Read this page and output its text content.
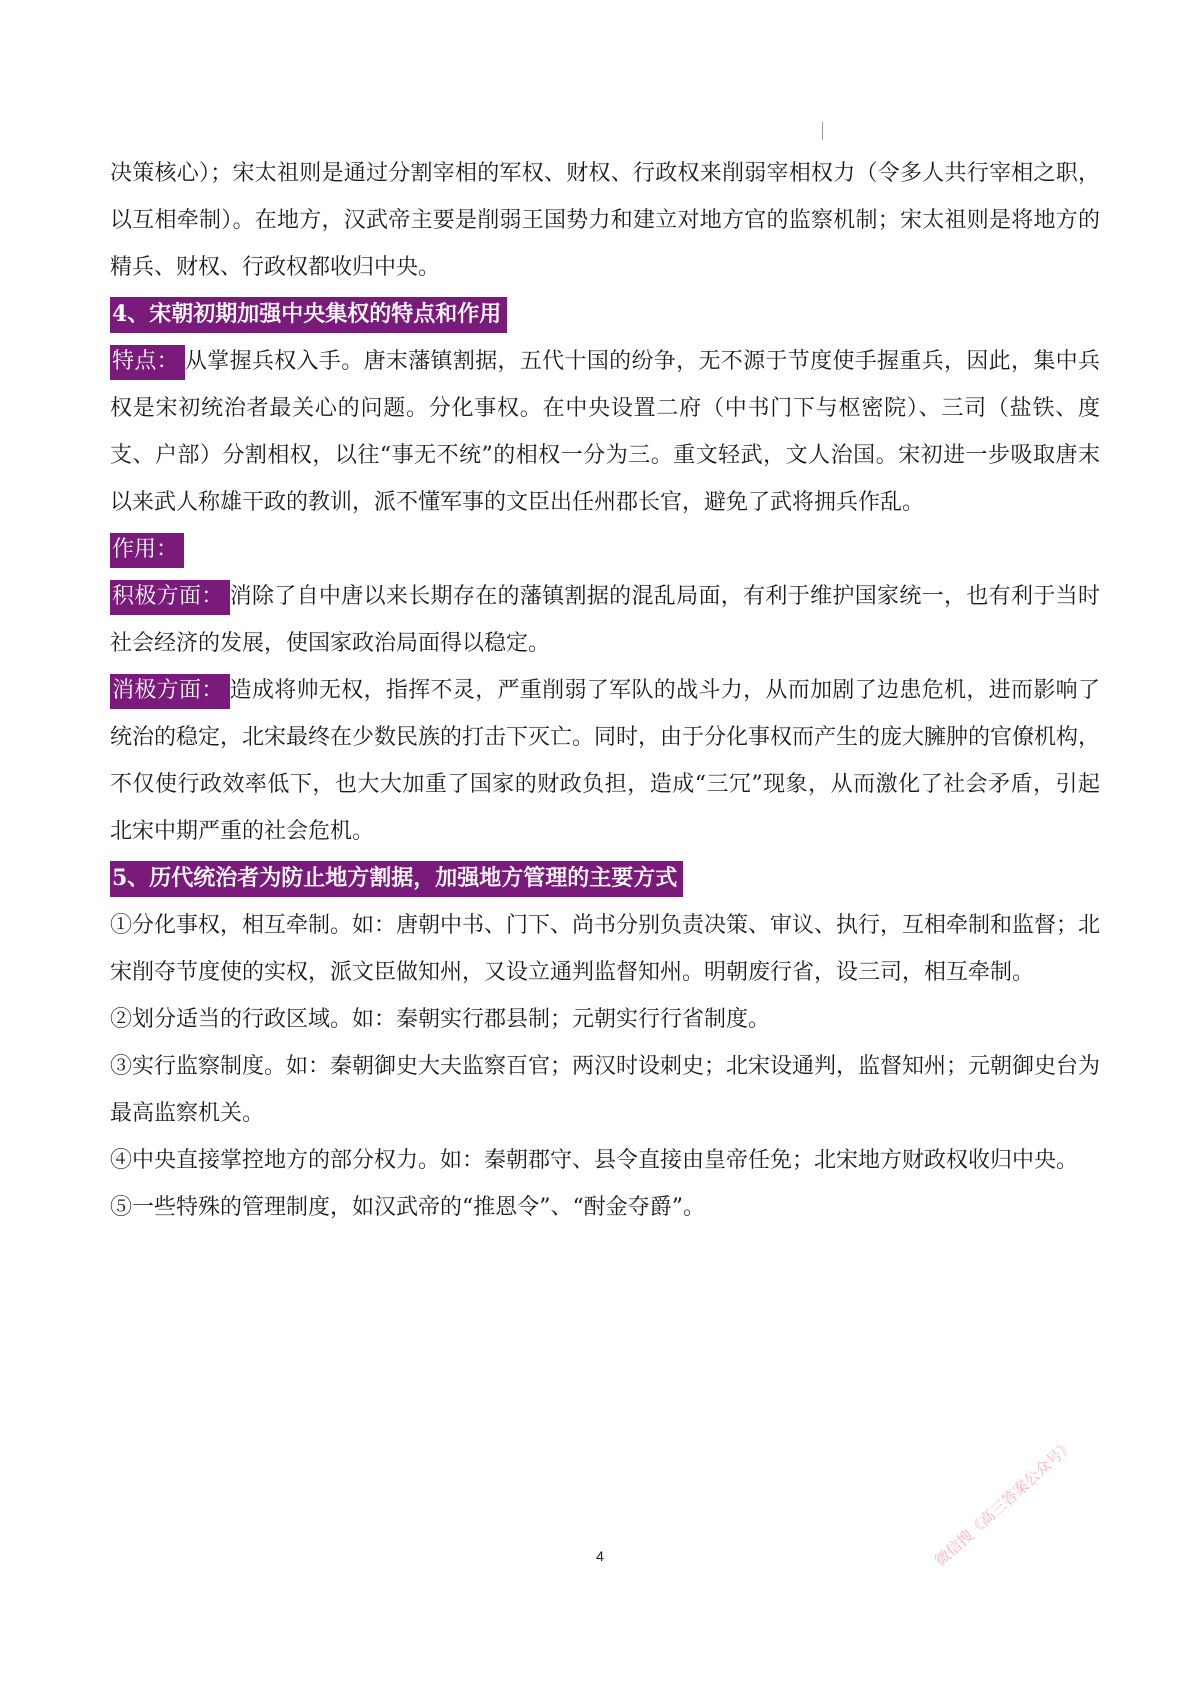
决策核心）；宋太祖则是通过分割宰相的军权、财权、行政权来削弱宰相权力（令多人共行宰相之职，以互相牵制）。在地方，汉武帝主要是削弱王国势力和建立对地方官的监察机制；宋太祖则是将地方的精兵、财权、行政权都收归中央。

4、宋朝初期加强中央集权的特点和作用

特点： 从掌握兵权入手。唐末藩镇割据，五代十国的纷争，无不源于节度使手握重兵，因此，集中兵权是宋初统治者最关心的问题。分化事权。在中央设置二府（中书门下与枢密院）、三司（盐铁、度支、户部）分割相权，以往“事无不统”的相权一分为三。重文轻武，文人治国。宋初进一步吸取唐末以来武人称雄干政的教训，派不懂军事的文臣出任州郡长官，避免了武将拥兵作乱。

作用：

积极方面： 消除了自中唐以来长期存在的藩镇割据的混乱局面，有利于维护国家统一，也有利于当时社会经济的发展，使国家政治局面得以稳定。

消极方面： 造成将帅无权，指挥不灵，严重削弱了军队的战斗力，从而加剧了边患危机，进而影响了统治的稳定，北宋最终在少数民族的打击下灭亡。同时，由于分化事权而产生的庞大臃肿的官僚机构，不仅使行政效率低下，也大大加重了国家的财政负担，造成“三冗”现象，从而激化了社会矛盾，引起北宋中期严重的社会危机。

5、历代统治者为防止地方割据，加强地方管理的主要方式

①分化事权，相互牵制。如：唐朝中书、门下、尚书分别负责决策、审议、执行，互相牵制和监督；北宋削夺节度使的实权，派文臣做知州，又设立通判监督知州。明朝废行省，设三司，相互牵制。

②划分适当的行政区域。如：秦朝实行郡县制；元朝实行行省制度。

③实行监察制度。如：秦朝御史大夫监察百官；两汉时设刺史；北宋设通判，监督知州；元朝御史台为最高监察机关。

④中央直接掌控地方的部分权力。如：秦朝郡守、县令直接由皇帝任免；北宋地方财政权收归中央。

⑤一些特殊的管理制度，如汉武帝的“推恩令”、“酎金夺爵”。

4	微信搜《高三答案公众号》
